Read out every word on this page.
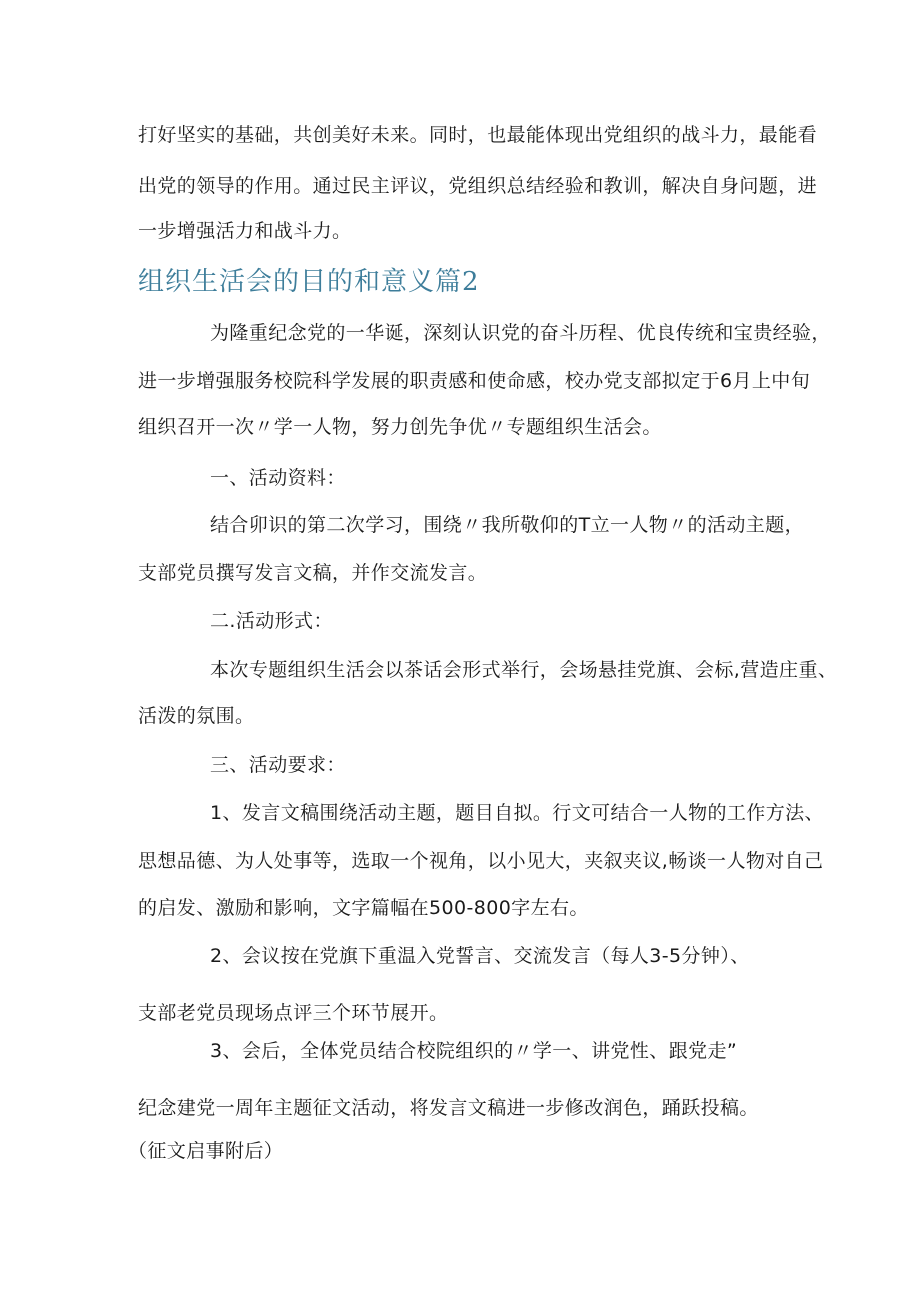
打好坚实的基础，共创美好未来。同时，也最能体现出党组织的战斗力，最能看
出党的领导的作用。通过民主评议，党组织总结经验和教训，解决自身问题，进
一步增强活力和战斗力。
组织生活会的目的和意义篇2
为隆重纪念党的一华诞，深刻认识党的奋斗历程、优良传统和宝贵经验，
进一步增强服务校院科学发展的职责感和使命感，校办党支部拟定于6月上中旬
组织召开一次〃学一人物，努力创先争优〃专题组织生活会。
一、活动资料：
结合卯识的第二次学习，围绕〃我所敬仰的T立一人物〃的活动主题，
支部党员撰写发言文稿，并作交流发言。
二.活动形式：
本次专题组织生活会以茶话会形式举行，会场悬挂党旗、会标,营造庄重、
活泼的氛围。
三、活动要求：
1、发言文稿围绕活动主题，题目自拟。行文可结合一人物的工作方法、
思想品德、为人处事等，选取一个视角，以小见大，夹叙夹议,畅谈一人物对自己
的启发、激励和影响，文字篇幅在500-800字左右。
2、会议按在党旗下重温入党誓言、交流发言（每人3-5分钟）、
支部老党员现场点评三个环节展开。
3、会后，全体党员结合校院组织的〃学一、讲党性、跟党走”
纪念建党一周年主题征文活动，将发言文稿进一步修改润色，踊跃投稿。
（征文启事附后）
